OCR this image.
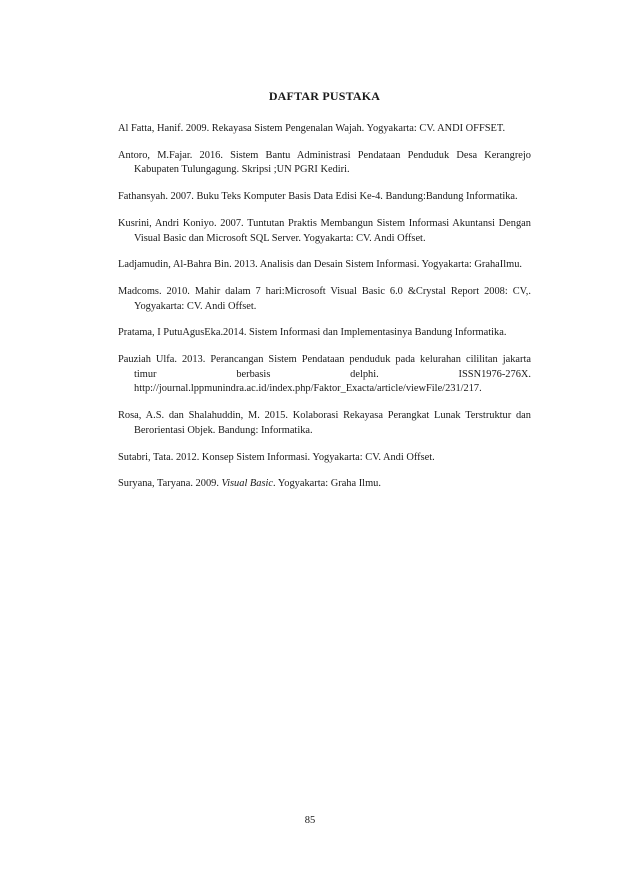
DAFTAR PUSTAKA
Al Fatta, Hanif. 2009. Rekayasa Sistem Pengenalan Wajah. Yogyakarta: CV. ANDI OFFSET.
Antoro, M.Fajar. 2016. Sistem Bantu Administrasi Pendataan Penduduk Desa Kerangrejo Kabupaten Tulungagung. Skripsi ;UN PGRI Kediri.
Fathansyah. 2007. Buku Teks Komputer Basis Data Edisi Ke-4. Bandung:Bandung Informatika.
Kusrini, Andri Koniyo. 2007. Tuntutan Praktis Membangun Sistem Informasi Akuntansi Dengan Visual Basic dan Microsoft SQL Server. Yogyakarta: CV. Andi Offset.
Ladjamudin, Al-Bahra Bin. 2013. Analisis dan Desain Sistem Informasi. Yogyakarta: GrahaIlmu.
Madcoms. 2010. Mahir dalam 7 hari:Microsoft Visual Basic 6.0 &Crystal Report 2008: CV,. Yogyakarta: CV. Andi Offset.
Pratama, I PutuAgusEka.2014. Sistem Informasi dan Implementasinya Bandung Informatika.
Pauziah Ulfa. 2013. Perancangan Sistem Pendataan penduduk pada kelurahan cililitan jakarta timur berbasis delphi. ISSN1976-276X. http://journal.lppmunindra.ac.id/index.php/Faktor_Exacta/article/viewFile/231/217.
Rosa, A.S. dan Shalahuddin, M. 2015. Kolaborasi Rekayasa Perangkat Lunak Terstruktur dan Berorientasi Objek. Bandung: Informatika.
Sutabri, Tata. 2012. Konsep Sistem Informasi. Yogyakarta: CV. Andi Offset.
Suryana, Taryana. 2009. Visual Basic. Yogyakarta: Graha Ilmu.
85
